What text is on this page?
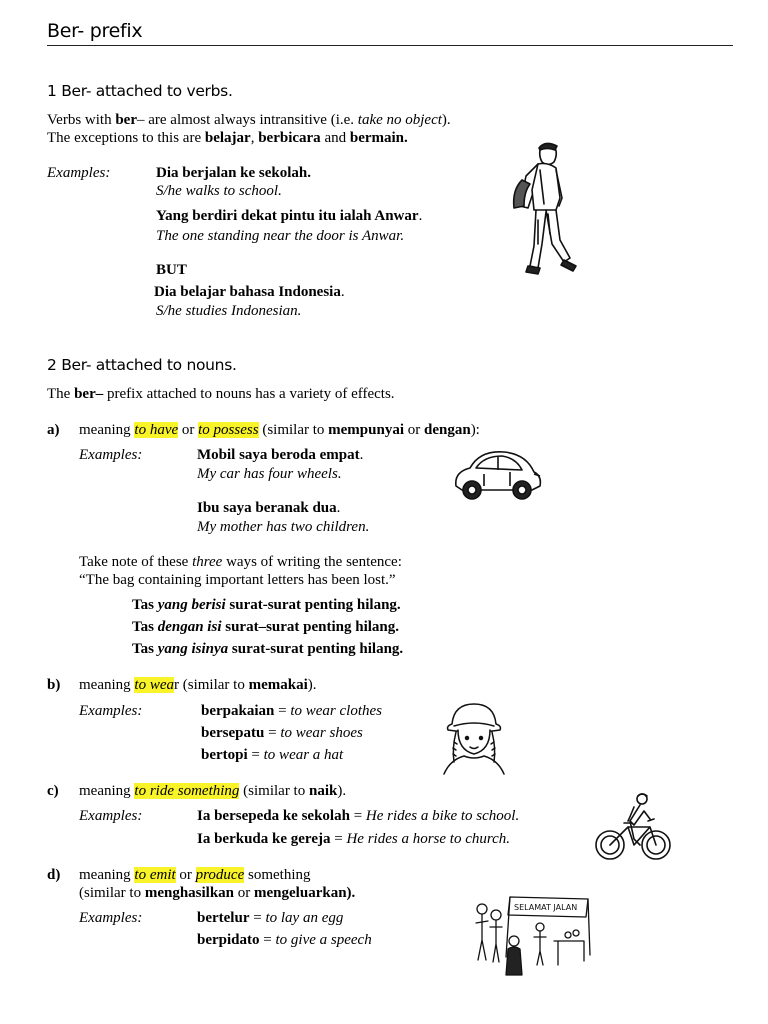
Ber- prefix
1 Ber- attached to verbs.
Verbs with ber– are almost always intransitive (i.e. take no object).
The exceptions to this are belajar, berbicara and bermain.
Examples:	Dia berjalan ke sekolah.
S/he walks to school.
Yang berdiri dekat pintu itu ialah Anwar.
The one standing near the door is Anwar.
BUT
Dia belajar bahasa Indonesia.
S/he studies Indonesian.
2 Ber- attached to nouns.
The ber– prefix attached to nouns has a variety of effects.
a) meaning to have or to possess (similar to mempunyai or dengan):
Examples:	Mobil saya beroda empat.
My car has four wheels.
Ibu saya beranak dua.
My mother has two children.
Take note of these three ways of writing the sentence:
“The bag containing important letters has been lost.”
Tas yang berisi surat-surat penting hilang.
Tas dengan isi surat–surat penting hilang.
Tas yang isinya surat-surat penting hilang.
b) meaning to wear (similar to memakai).
Examples:	berpakaian = to wear clothes
bersepatu = to wear shoes
bertopi = to wear a hat
c) meaning to ride something (similar to naik).
Examples:	Ia bersepeda ke sekolah = He rides a bike to school.
Ia berkuda ke gereja = He rides a horse to church.
d) meaning to emit or produce something
(similar to menghasilkan or mengeluarkan).
Examples:	bertelur = to lay an egg
berpidato = to give a speech
SELAMAT JALAN
